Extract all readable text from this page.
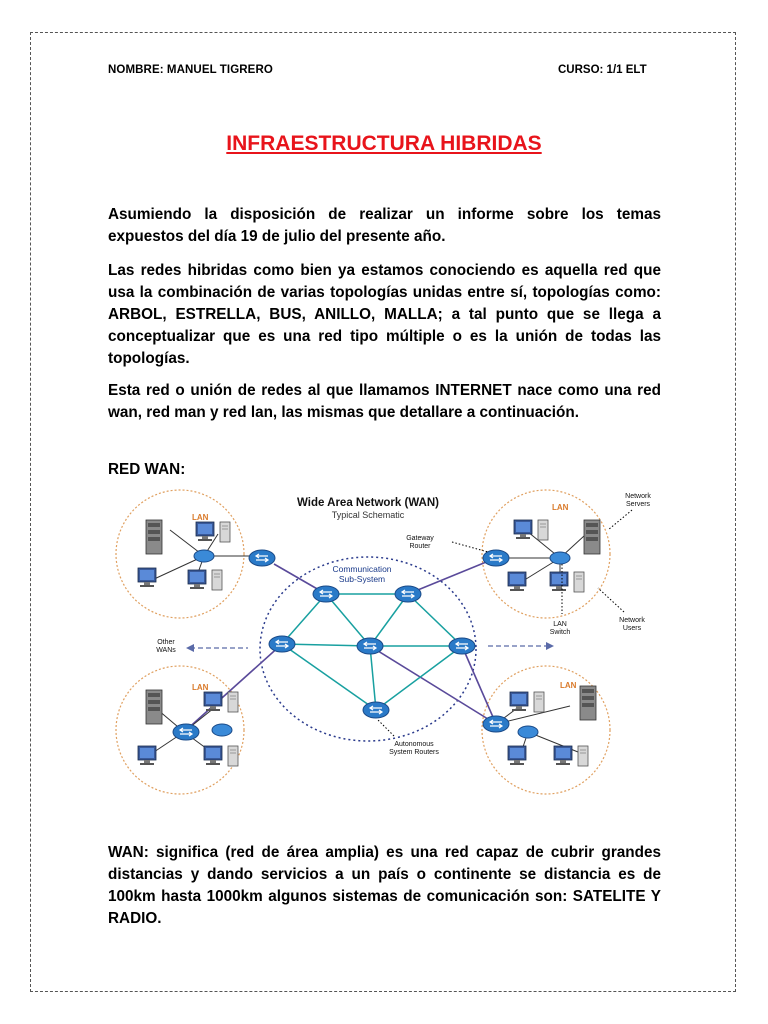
NOMBRE: MANUEL TIGRERO	CURSO: 1/1 ELT
INFRAESTRUCTURA HIBRIDAS

Asumiendo la disposición de realizar un informe sobre los temas expuestos del día 19 de julio del presente año.

Las redes hibridas como bien ya estamos conociendo es aquella red que usa la combinación de varias topologías unidas entre sí, topologías como: ARBOL, ESTRELLA, BUS, ANILLO, MALLA; a tal punto que se llega a conceptualizar que es una red tipo múltiple o es la unión de todas las topologías.

Esta red o unión de redes al que llamamos INTERNET nace como una red wan, red man y red lan, las mismas que detallare a continuación.

RED WAN:

Wide Area Network (WAN)
Typical Schematic
LAN
LAN
LAN	LAN
Communication
Sub-System
Gateway
Router
Network
Servers
Network
Users
LAN
Switch
Other
WANs
Autonomous
System Routers

WAN: significa (red de área amplia) es una red capaz de cubrir grandes distancias y dando servicios a un país o continente se distancia es de 100km hasta 1000km algunos sistemas de comunicación son: SATELITE Y RADIO.
